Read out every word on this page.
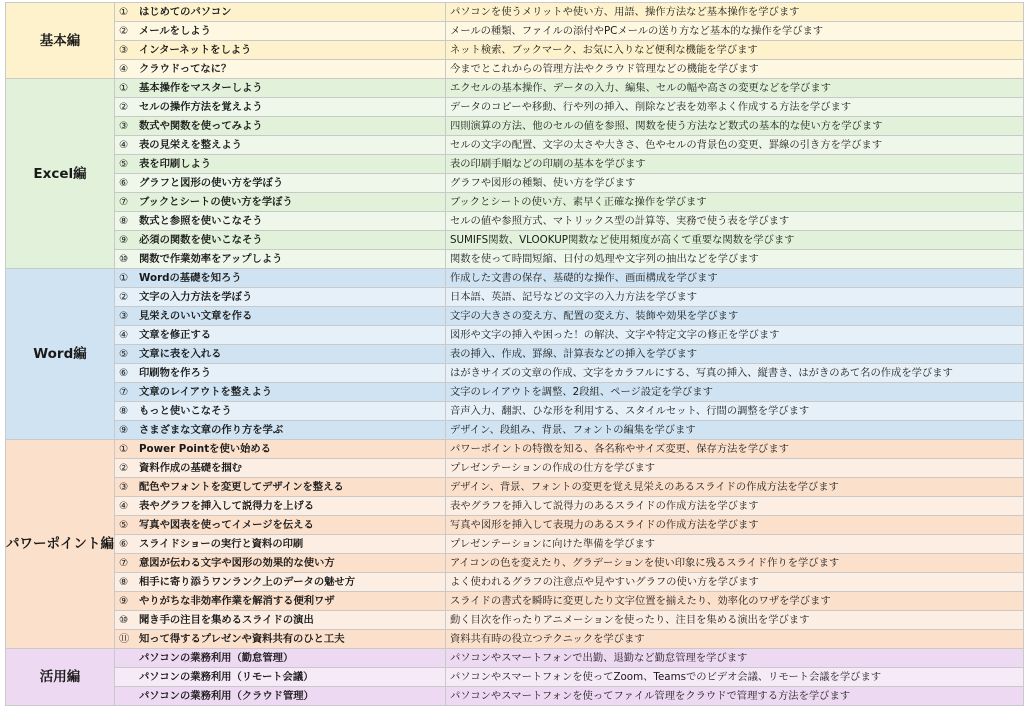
基本編	① はじめてのパソコン	パソコンを使うメリットや使い方、用語、操作方法など基本操作を学びます
	② メールをしよう	メールの種類、ファイルの添付やPCメールの送り方など基本的な操作を学びます
	③ インターネットをしよう	ネット検索、ブックマーク、お気に入りなど便利な機能を学びます
	④ クラウドってなに？	今までとこれからの管理方法やクラウド管理などの機能を学びます
Excel編	① 基本操作をマスターしよう	エクセルの基本操作、データの入力、編集、セルの幅や高さの変更などを学びます
	② セルの操作方法を覚えよう	データのコピーや移動、行や列の挿入、削除など表を効率よく作成する方法を学びます
	③ 数式や関数を使ってみよう	四則演算の方法、他のセルの値を参照、関数を使う方法など数式の基本的な使い方を学びます
	④ 表の見栄えを整えよう	セルの文字の配置、文字の太さや大きさ、色やセルの背景色の変更、罫線の引き方を学びます
	⑤ 表を印刷しよう	表の印刷手順などの印刷の基本を学びます
	⑥ グラフと図形の使い方を学ぼう	グラフや図形の種類、使い方を学びます
	⑦ ブックとシートの使い方を学ぼう	ブックとシートの使い方、素早く正確な操作を学びます
	⑧ 数式と参照を使いこなそう	セルの値や参照方式、マトリックス型の計算等、実務で使う表を学びます
	⑨ 必須の関数を使いこなそう	SUMIFS関数、VLOOKUP関数など使用頻度が高くて重要な関数を学びます
	⑩ 関数で作業効率をアップしよう	関数を使って時間短縮、日付の処理や文字列の抽出などを学びます
Word編	① Wordの基礎を知ろう	作成した文書の保存、基礎的な操作、画面構成を学びます
	② 文字の入力方法を学ぼう	日本語、英語、記号などの文字の入力方法を学びます
	③ 見栄えのいい文章を作る	文字の大きさの変え方、配置の変え方、装飾や効果を学びます
	④ 文章を修正する	図形や文字の挿入や困った！の解決、文字や特定文字の修正を学びます
	⑤ 文章に表を入れる	表の挿入、作成、罫線、計算表などの挿入を学びます
	⑥ 印刷物を作ろう	はがきサイズの文章の作成、文字をカラフルにする、写真の挿入、縦書き、はがきのあて名の作成を学びます
	⑦ 文章のレイアウトを整えよう	文字のレイアウトを調整、2段組、ページ設定を学びます
	⑧ もっと使いこなそう	音声入力、翻訳、ひな形を利用する、スタイルセット、行間の調整を学びます
	⑨ さまざまな文章の作り方を学ぶ	デザイン、段組み、背景、フォントの編集を学びます
パワーポイント編	① Power Pointを使い始める	パワーポイントの特徴を知る、各名称やサイズ変更、保存方法を学びます
	② 資料作成の基礎を掴む	プレゼンテーションの作成の仕方を学びます
	③ 配色やフォントを変更してデザインを整える	デザイン、背景、フォントの変更を覚え見栄えのあるスライドの作成方法を学びます
	④ 表やグラフを挿入して説得力を上げる	表やグラフを挿入して説得力のあるスライドの作成方法を学びます
	⑤ 写真や図表を使ってイメージを伝える	写真や図形を挿入して表現力のあるスライドの作成方法を学びます
	⑥ スライドショーの実行と資料の印刷	プレゼンテーションに向けた準備を学びます
	⑦ 意図が伝わる文字や図形の効果的な使い方	アイコンの色を変えたり、グラデーションを使い印象に残るスライド作りを学びます
	⑧ 相手に寄り添うワンランク上のデータの魅せ方	よく使われるグラフの注意点や見やすいグラフの使い方を学びます
	⑨ やりがちな非効率作業を解消する便利ワザ	スライドの書式を瞬時に変更したり文字位置を揃えたり、効率化のワザを学びます
	⑩ 聞き手の注目を集めるスライドの演出	動く目次を作ったりアニメーションを使ったり、注目を集める演出を学びます
	⑪ 知って得するプレゼンや資料共有のひと工夫	資料共有時の役立つテクニックを学びます
活用編	パソコンの業務利用（勤怠管理）	パソコンやスマートフォンで出勤、退勤など勤怠管理を学びます
	パソコンの業務利用（リモート会議）	パソコンやスマートフォンを使ってZoom、Teamsでのビデオ会議、リモート会議を学びます
	パソコンの業務利用（クラウド管理）	パソコンやスマートフォンを使ってファイル管理をクラウドで管理する方法を学びます
